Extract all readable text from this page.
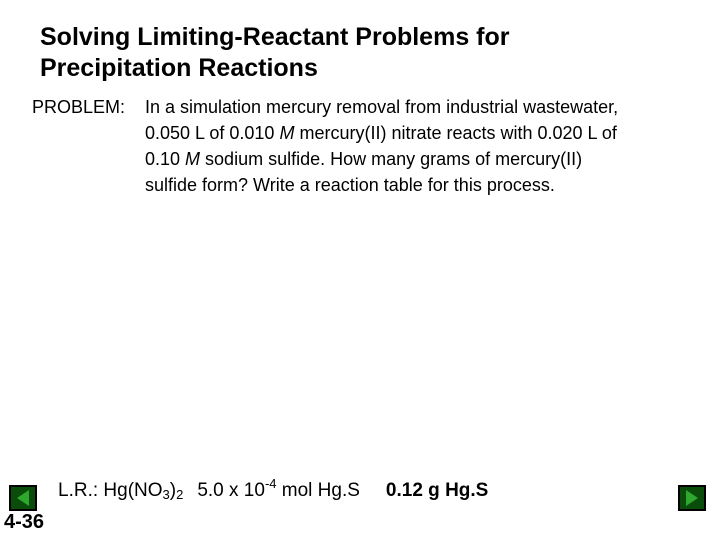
Solving Limiting-Reactant Problems for
Precipitation Reactions
PROBLEM: In a simulation mercury removal from industrial wastewater,
0.050 L of 0.010 M mercury(II) nitrate reacts with 0.020 L of
0.10 M sodium sulfide. How many grams of mercury(II)
sulfide form? Write a reaction table for this process.
L.R.: $Hg(NO_3)_2$ 5.0 x $10^{-4}$ mol Hg.S 0.12 g Hg.S
4-36
